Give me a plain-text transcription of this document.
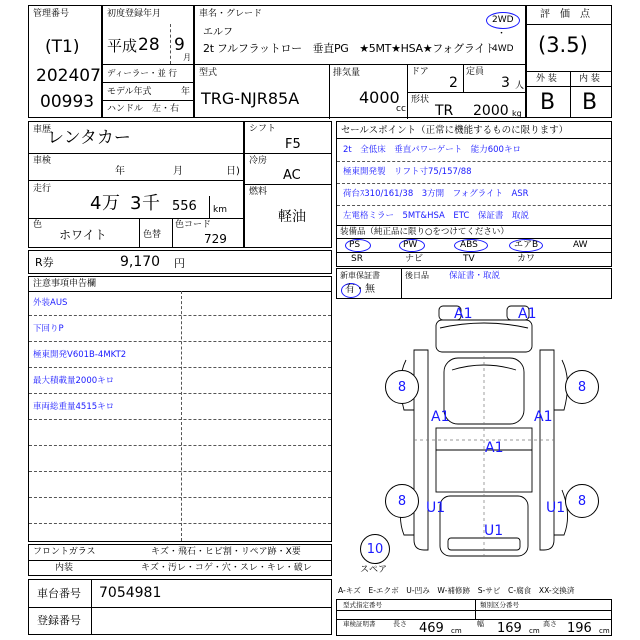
管理番号
(T1)
202407
00993
初度登録年月
平成 28 9
月
ディーラー・並 行
モデル年式	年
ハンドル　左・右
車名・グレード
エルフ
2t フルフラットロー　垂直PG　★5MT★HSA★フォグライト
2WD
・
4WD
型式
TRG-NJR85A
排気量
4000
cc
ドア
2
定員
3 人
形状
TR 2000 kg
評　価　点
(3.5)
外 装 内 装
B B
車歴
レンタカー
車検
年	月	日)
走行
4 万 3 千 556 km
色
ホワイト	色替
色コード
729
シフト
F5
冷房
AC
燃料
軽油
R券	9,170 円
注意事項申告欄
外装AUS
下回りP
極東開発V601B-4MKT2
最大積載量2000キロ
車両総重量4515キロ
フロントガラス	キズ・飛石・ヒビ割・リペア跡・X要
内装	キズ・汚レ・コゲ・穴・スレ・キレ・破レ
車台番号 7054981
登録番号
セールスポイント（正常に機能するものに限ります）
2t　全低床　垂直パワーゲート　能力600キロ
極東開発製　リフト寸75/157/88
荷台ｽ310/161/38　3方開　フォグライト　ASR
左電格ミラー　5MT&HSA　ETC　保証書　取説
装備品（純正品に限り○をつけてください）
PS	PW	ABS	エアB	AW
SR	ナビ	TV	カワ
新車保証書
有・無
後日品 保証書・取説
A1	A1
8	8
A1	A1
A1
8	8
U1	U1
U1
10
スペア
A-キズ　E-エクボ　U-凹み　W-補修跡　S-サビ　C-腐食　XX-交換済
型式指定番号	類別区分番号
車検証明書	長さ 469 cm
幅 169 cm
高さ 196 cm
